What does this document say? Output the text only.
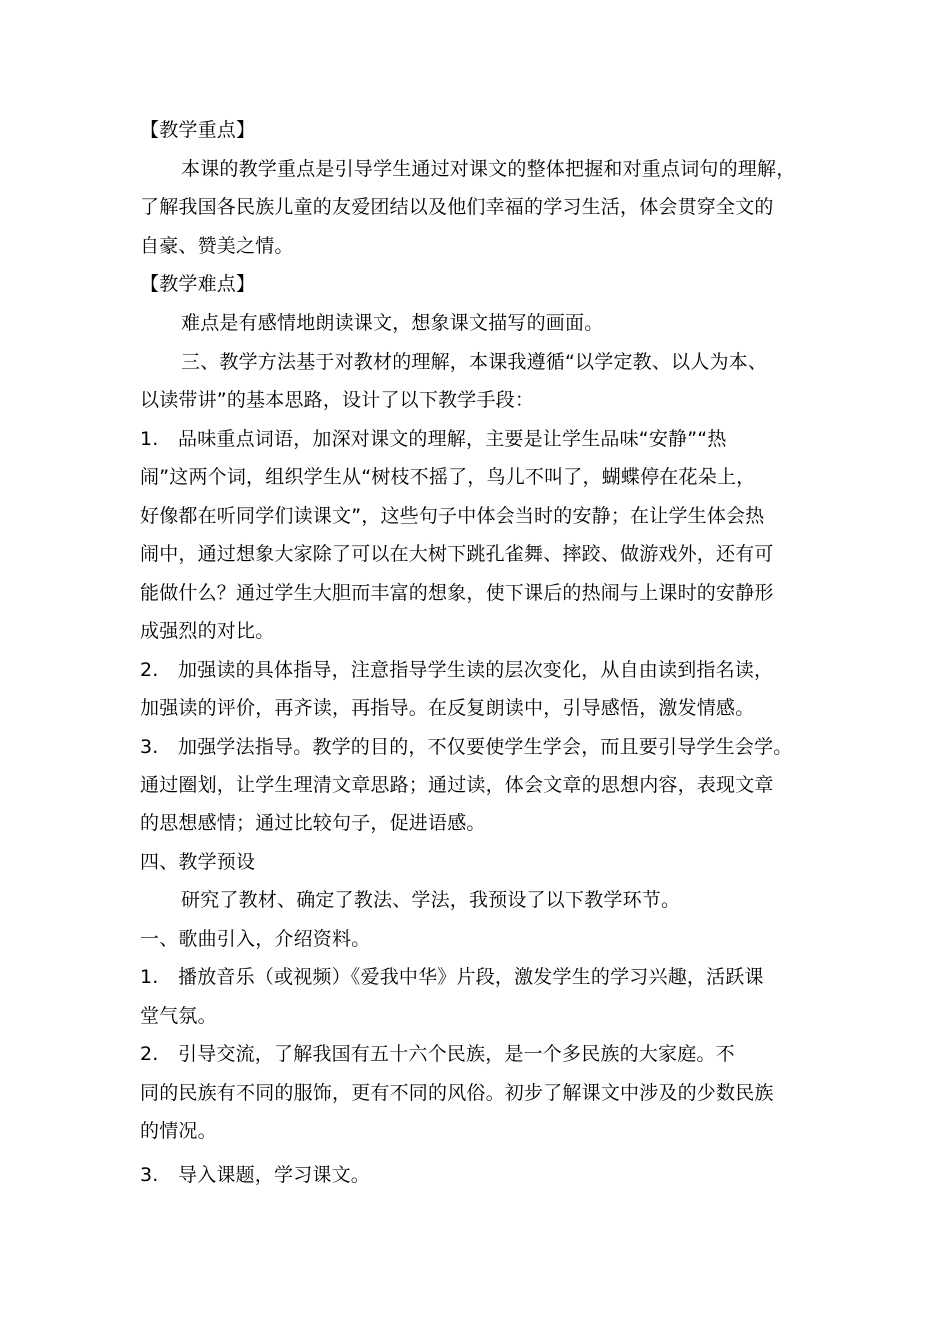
【教学重点】
本课的教学重点是引导学生通过对课文的整体把握和对重点词句的理解，
了解我国各民族儿童的友爱团结以及他们幸福的学习生活，体会贯穿全文的
自豪、赞美之情。
【教学难点】
难点是有感情地朗读课文，想象课文描写的画面。
三、教学方法基于对教材的理解，本课我遵循“以学定教、以人为本、
以读带讲”的基本思路，设计了以下教学手段：
1. 品味重点词语，加深对课文的理解，主要是让学生品味“安静”“热
闹”这两个词，组织学生从“树枝不摇了，鸟儿不叫了，蝴蝶停在花朵上，
好像都在听同学们读课文”，这些句子中体会当时的安静；在让学生体会热
闹中，通过想象大家除了可以在大树下跳孔雀舞、摔跤、做游戏外，还有可
能做什么？通过学生大胆而丰富的想象，使下课后的热闹与上课时的安静形
成强烈的对比。
2. 加强读的具体指导，注意指导学生读的层次变化，从自由读到指名读，
加强读的评价，再齐读，再指导。在反复朗读中，引导感悟，激发情感。
3. 加强学法指导。教学的目的，不仅要使学生学会，而且要引导学生会学。
通过圈划，让学生理清文章思路；通过读，体会文章的思想内容，表现文章
的思想感情；通过比较句子，促进语感。
四、教学预设
研究了教材、确定了教法、学法，我预设了以下教学环节。
一、歌曲引入，介绍资料。
1. 播放音乐（或视频）《爱我中华》片段，激发学生的学习兴趣，活跃课
堂气氛。
2. 引导交流，了解我国有五十六个民族，是一个多民族的大家庭。不
同的民族有不同的服饰，更有不同的风俗。初步了解课文中涉及的少数民族
的情况。
3. 导入课题，学习课文。
